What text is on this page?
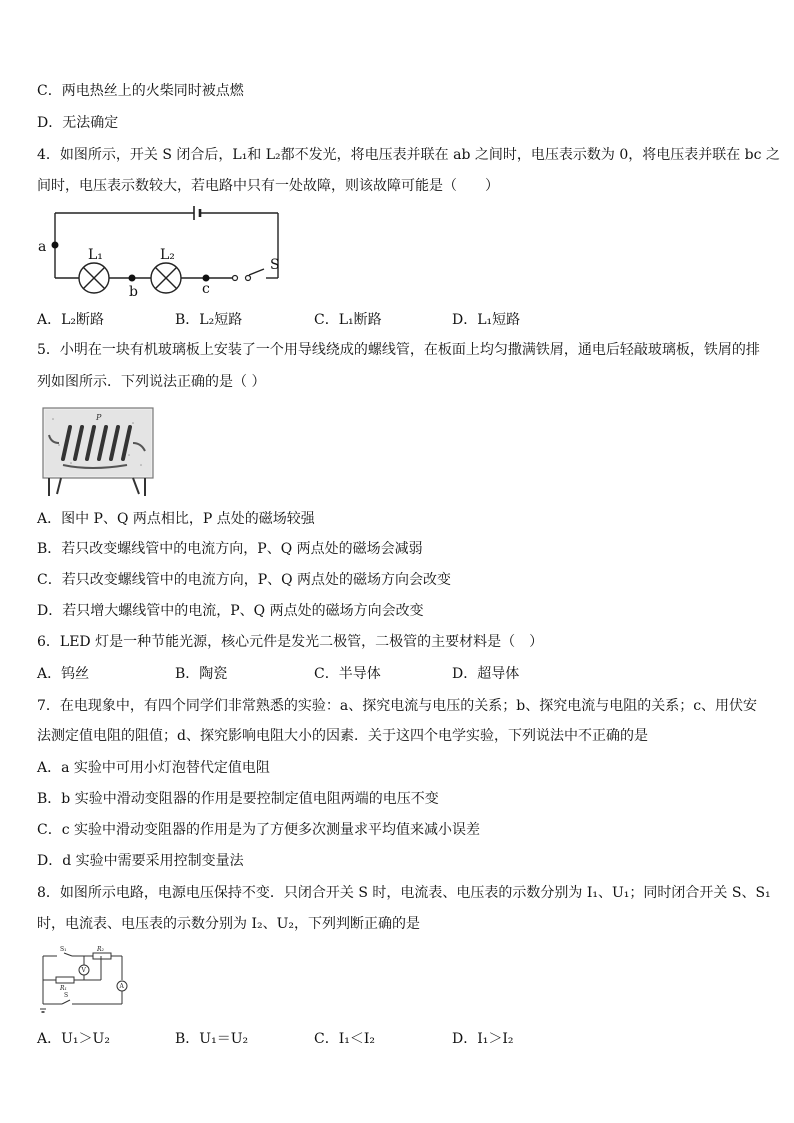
C．两电热丝上的火柴同时被点燃
D．无法确定
4．如图所示，开关 S 闭合后，L₁和 L₂都不发光，将电压表并联在 ab 之间时，电压表示数为 0，将电压表并联在 bc 之
间时，电压表示数较大，若电路中只有一处故障，则该故障可能是（　　）
a
b	c
S
L₁	L₂
A．L₂断路	B．L₂短路	C．L₁断路	D．L₁短路
5．小明在一块有机玻璃板上安装了一个用导线绕成的螺线管，在板面上均匀撒满铁屑，通电后轻敲玻璃板，铁屑的排
列如图所示．下列说法正确的是（ ）
P
A．图中 P、Q 两点相比，P 点处的磁场较强
B．若只改变螺线管中的电流方向，P、Q 两点处的磁场会减弱
C．若只改变螺线管中的电流方向，P、Q 两点处的磁场方向会改变
D．若只增大螺线管中的电流，P、Q 两点处的磁场方向会改变
6．LED 灯是一种节能光源，核心元件是发光二极管，二极管的主要材料是（　）
A．钨丝	B．陶瓷	C．半导体	D．超导体
7．在电现象中，有四个同学们非常熟悉的实验：a、探究电流与电压的关系；b、探究电流与电阻的关系；c、用伏安
法测定值电阻的阻值；d、探究影响电阻大小的因素．关于这四个电学实验，下列说法中不正确的是
A．a 实验中可用小灯泡替代定值电阻
B．b 实验中滑动变阻器的作用是要控制定值电阻两端的电压不变
C．c 实验中滑动变阻器的作用是为了方便多次测量求平均值来减小误差
D．d 实验中需要采用控制变量法
8．如图所示电路，电源电压保持不变．只闭合开关 S 时，电流表、电压表的示数分别为 I₁、U₁；同时闭合开关 S、S₁
时，电流表、电压表的示数分别为 I₂、U₂，下列判断正确的是
S₁	R₂
R₁
S
V
A
A．U₁＞U₂	B．U₁＝U₂	C．I₁＜I₂	D．I₁＞I₂
